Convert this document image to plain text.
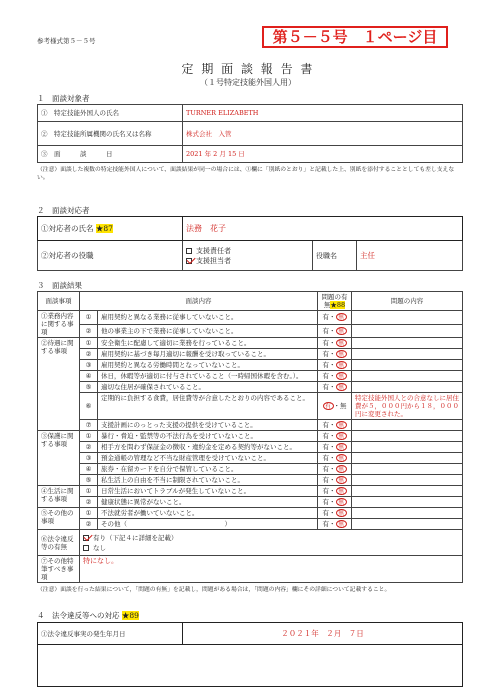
参考様式第５－５号	第５－５号　１ページ目
定 期 面 談 報 告 書
（１号特定技能外国人用）
１　面談対象者
①　特定技能外国人の氏名	TURNER ELIZABETH
②　特定技能所属機関の氏名又は名称	株式会社　入管
③　面　　　談　　　日	2021 年 2 月 15 日
（注意）面談した複数の特定技能外国人について、面談結果が同一の場合には、①欄に「別紙のとおり」と記載した上、別紙を添付することとしても差し支えない。
２　面談対応者
①対応者の氏名 ★87	法務　花子		
②対応者の役職	支援責任者
支援担当者	役職名	主任
３　面談結果
面談事項	面談内容		問題の有無★88	問題の内容
①業務内容に関する事項	①	雇用契約と異なる業務に従事していないこと。	有・ 無	
	②	他の事業主の下で業務に従事していないこと。	有・ 無	
②待遇に関する事項	①	安全衛生に配慮して適切に業務を行っていること。	有・ 無	
	②	雇用契約に基づき毎月適切に報酬を受け取っていること。	有・ 無	
	③	雇用契約と異なる労働時間となっていないこと。	有・ 無	
	④	休日，休暇等が適切に付与されていること（一時帰国休暇を含む。）。	有・ 無	
	⑤	適切な住居が確保されていること。	有・ 無	
	⑥	定期的に負担する食費，居住費等が合意したとおりの内容であること。	有 ・無	特定技能外国人との合意なしに居住費が５，０００円から１８，０００円に変更された。
	⑦	支援計画にのっとった支援の提供を受けていること。	有・ 無	
③保護に関する事項	①	暴行・脅迫・監禁等の不法行為を受けていないこと。	有・ 無	
	②	相手方を問わず保証金の徴収・違約金を定める契約等がないこと。	有・ 無	
	③	預金通帳の管理など不当な財産管理を受けていないこと。	有・ 無	
	④	旅券・在留カードを自分で保管していること。	有・ 無	
	⑤	私生活上の自由を不当に制限されていないこと。	有・ 無	
④生活に関する事項	①	日常生活においてトラブルが発生していないこと。	有・ 無	
	②	健康状態に異常がないこと。	有・ 無	
⑤その他の事項	①	不法就労者が働いていないこと。	有・ 無	
	②	その他（　　　　　　　　　　　　　　　）	有・ 無	
⑥法令違反等の有無	有り（下記４に詳細を記載）
なし			

⑦その他特筆すべき事項	特になし。			
（注意）面談を行った結果について，「問題の有無」を記載し，問題がある場合は，「問題の内容」欄にその詳細について記載すること。
４　法令違反等への対応 ★89
①法令違反事実の発生年月日	２０２１年　２月　７日
